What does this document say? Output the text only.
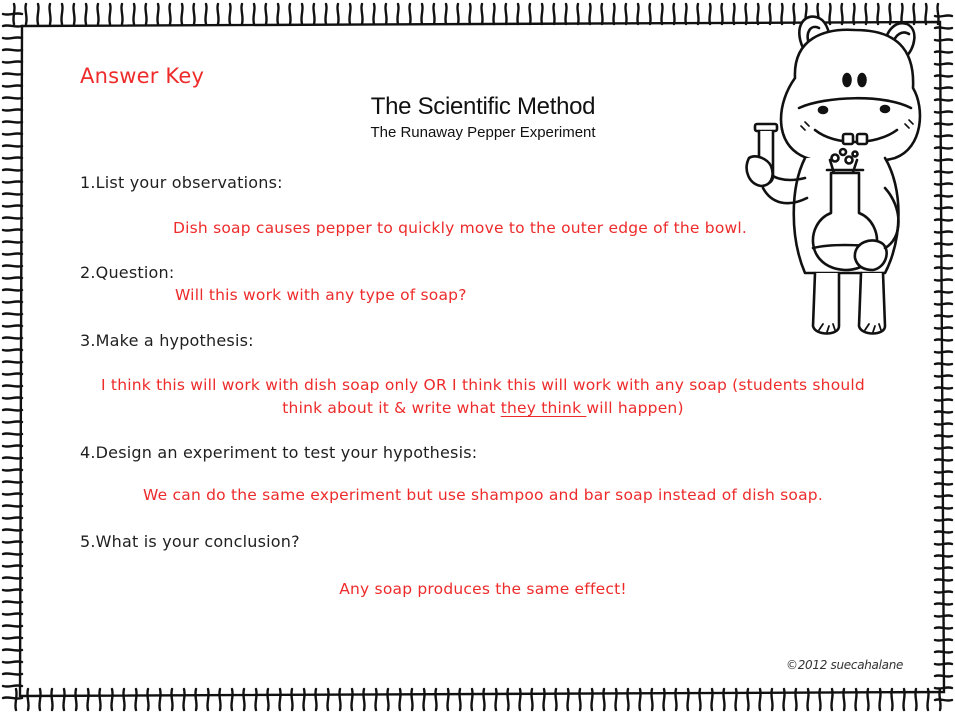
Answer Key

The Scientific Method

The Runaway Pepper Experiment

1.List your observations:

Dish soap causes pepper to quickly move to the outer edge of the bowl.

2.Question:

Will this work with any type of soap?

3.Make a hypothesis:

I think this will work with dish soap only OR I think this will work with any soap (students should
think about it & write what they think will happen)

4.Design an experiment to test your hypothesis:

We can do the same experiment but use shampoo and bar soap instead of dish soap.

5.What is your conclusion?

Any soap produces the same effect!

©2012 suecahalane
